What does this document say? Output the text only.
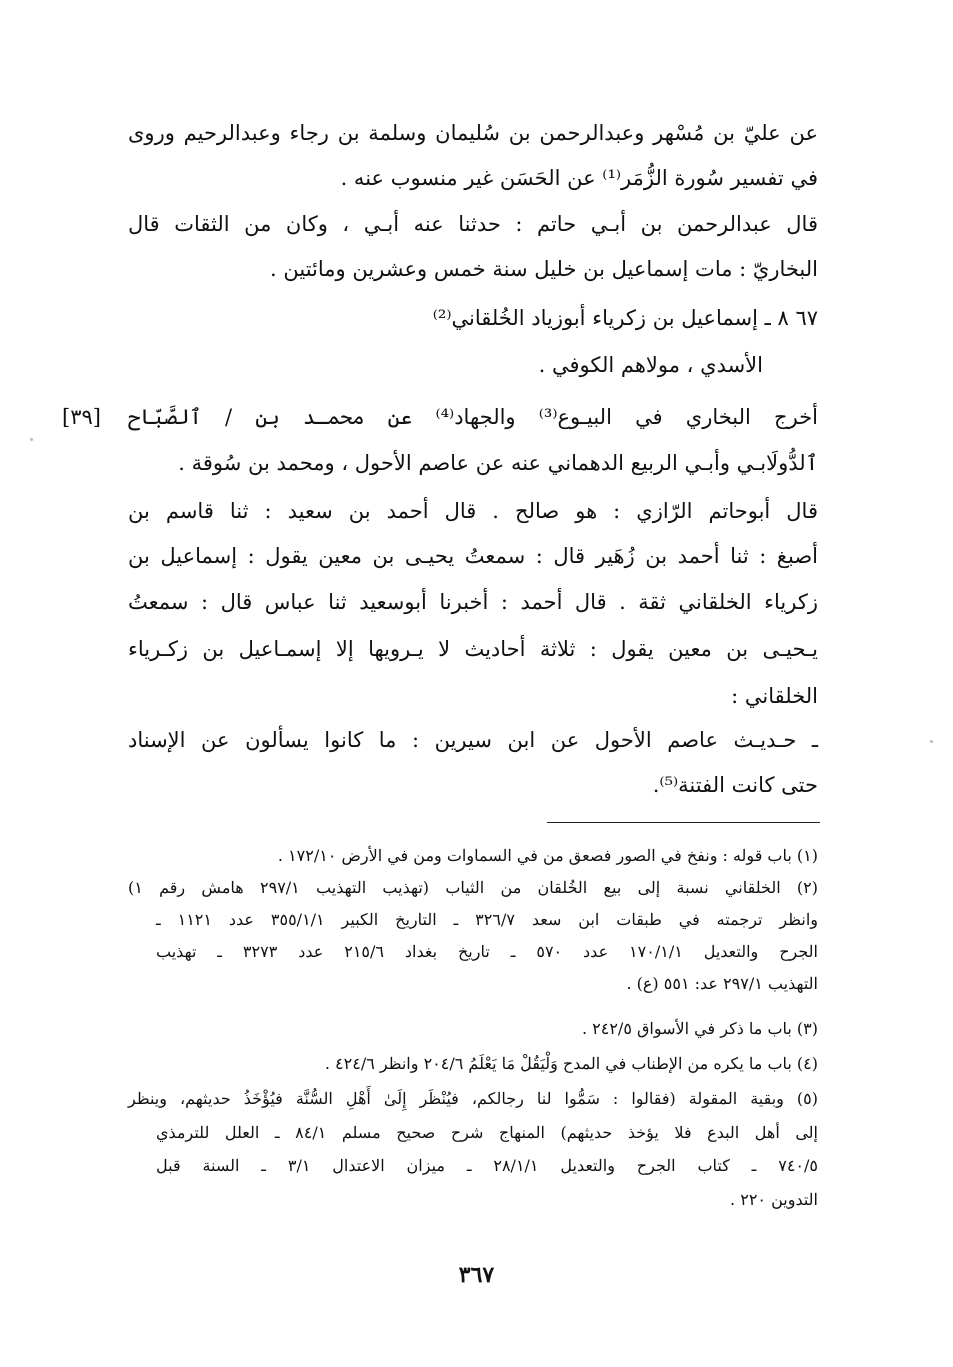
عن عليّ بن مُسْهر وعبدالرحمن بن سُليمان وسلمة بن رجاء وعبدالرحيم وروى
في تفسير سُورة الزُّمَر⁽¹⁾ عن الحَسَن غير منسوب عنه .
قال عبدالرحمن بن أبـي حاتم : حدثنا عنه أبـي ، وكان من الثقات قال
البخاريّ : مات إسماعيل بن خليل سنة خمس وعشرين ومائتين .
٦٧ ٨ ـ إسماعيل بن زكرياء أبوزياد الخُلقاني⁽²⁾
الأسدي ، مولاهم الكوفي .
أخرج البخاري في البيـوع⁽³⁾ والجهاد⁽⁴⁾ عن محمـد بن / ٱلصَّبّاح
ٱلدُّولَابـي وأبـي الربيع الدهماني عنه عن عاصم الأحول ، ومحمد بن سُوقة .
قال أبوحاتم الرّازي : هو صالح . قال أحمد بن سعيد : ثنا قاسم بن
أصبغ : ثنا أحمد بن زُهَير قال : سمعتُ يحيـى بن معين يقول : إسماعيل بن
زكرياء الخلقاني ثقة . قال أحمد : أخبرنا أبوسعيد ثنا عباس قال : سمعتُ
يـحيـى بن معين يقول : ثلاثة أحاديث لا يـرويها إلا إسمـاعيل بن زكـرياء
الخلقاني :
ـ حـديـث عاصم الأحول عن ابن سيرين : ما كانوا يسألون عن الإسناد
حتى كانت الفتنة⁽⁵⁾.
[٣٩]
(١) باب قوله : ونفخ في الصور فصعق من في السماوات ومن في الأرض ١٧٢/١٠ .
(٢) الخلقاني نسبة إلى بيع الخُلقان من الثياب (تهذيب التهذيب ٢٩٧/١ هامش رقم ١)
وانظر ترجمته في طبقات ابن سعد ٣٢٦/٧ ـ التاريخ الكبير ٣٥٥/١/١ عدد ١١٢١ ـ
الجرح والتعديل ١٧٠/١/١ عدد ٥٧٠ ـ تاريخ بغداد ٢١٥/٦ عدد ٣٢٧٣ ـ تهذيب
التهذيب ٢٩٧/١ عد: ٥٥١ (ع) .
(٣) باب ما ذكر في الأسواق ٢٤٢/٥ .
(٤) باب ما يكره من الإطناب في المدح وَلْيَقُلْ مَا يَعْلَمُ ٢٠٤/٦ وانظر ٤٢٤/٦ .
(٥) وبقية المقولة (فقالوا : سَمُّوا لنا رجالكم، فيُنْظَر إِلَىٰ أَهْلِ السُّنَّة فيُؤْخَذُ حديثهم، وينظر
إلى أهل البدع فلا يؤخذ حديثهم) المنهاج شرح صحيح مسلم ٨٤/١ ـ العلل للترمذي
٧٤٠/٥ ـ كتاب الجرح والتعديل ٢٨/١/١ ـ ميزان الاعتدال ٣/١ ـ السنة قبل
التدوين ٢٢٠ .
٣٦٧
